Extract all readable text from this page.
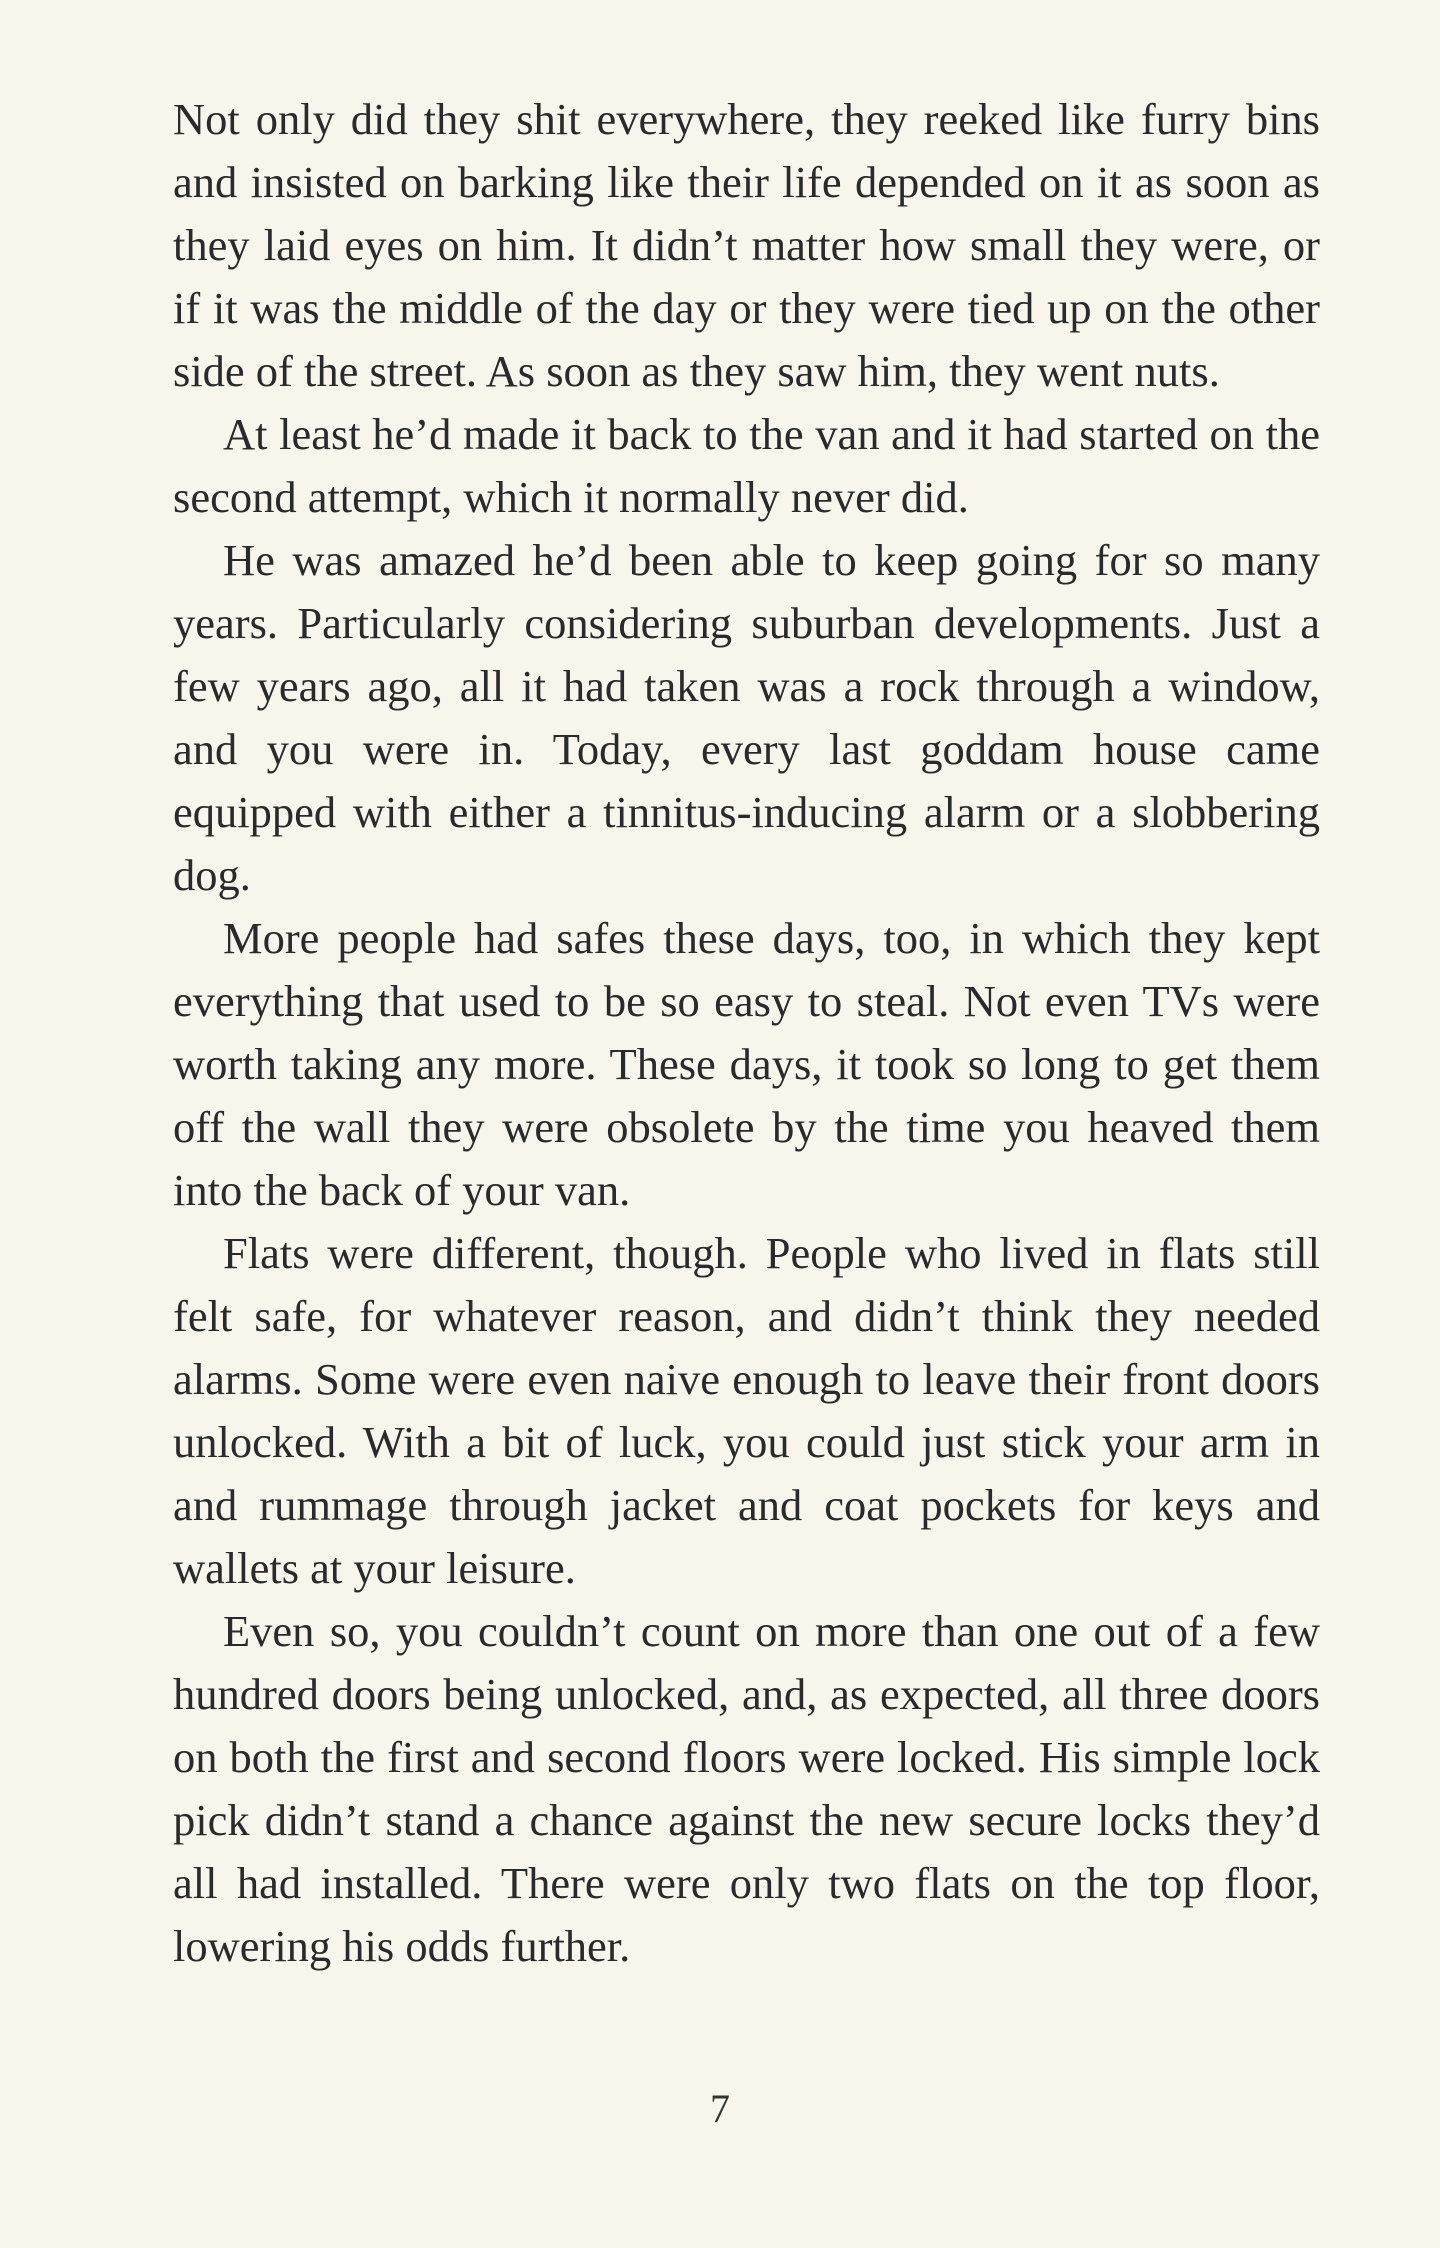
Not only did they shit everywhere, they reeked like furry bins and insisted on barking like their life depended on it as soon as they laid eyes on him. It didn’t matter how small they were, or if it was the middle of the day or they were tied up on the other side of the street. As soon as they saw him, they went nuts.

At least he’d made it back to the van and it had started on the second attempt, which it normally never did.

He was amazed he’d been able to keep going for so many years. Particularly considering suburban developments. Just a few years ago, all it had taken was a rock through a window, and you were in. Today, every last goddam house came equipped with either a tinnitus-inducing alarm or a slobbering dog.

More people had safes these days, too, in which they kept everything that used to be so easy to steal. Not even TVs were worth taking any more. These days, it took so long to get them off the wall they were obsolete by the time you heaved them into the back of your van.

Flats were different, though. People who lived in flats still felt safe, for whatever reason, and didn’t think they needed alarms. Some were even naive enough to leave their front doors unlocked. With a bit of luck, you could just stick your arm in and rummage through jacket and coat pockets for keys and wallets at your leisure.

Even so, you couldn’t count on more than one out of a few hundred doors being unlocked, and, as expected, all three doors on both the first and second floors were locked. His simple lock pick didn’t stand a chance against the new secure locks they’d all had installed. There were only two flats on the top floor, lowering his odds further.

7
